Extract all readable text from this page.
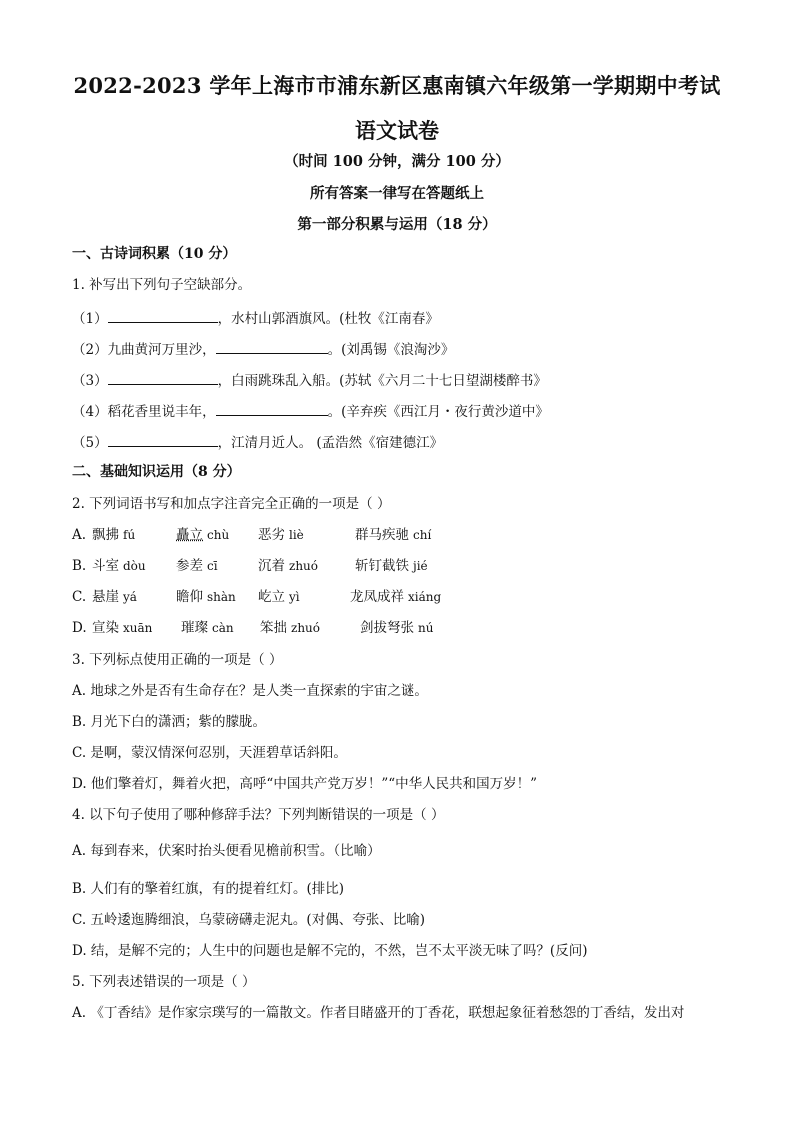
2022-2023 学年上海市市浦东新区惠南镇六年级第一学期期中考试
语文试卷
（时间 100 分钟，满分 100 分）
所有答案一律写在答题纸上
第一部分积累与运用（18 分）
一、古诗词积累（10 分）
1. 补写出下列句子空缺部分。
（1）	，水村山郭酒旗风。(杜牧《江南春》
（2）九曲黄河万里沙，	。(刘禹锡《浪淘沙》
（3）	，白雨跳珠乱入船。(苏轼《六月二十七日望湖楼醉书》
（4）稻花香里说丰年，	。(辛弃疾《西江月・夜行黄沙道中》
（5）	，江清月近人。 (孟浩然《宿建德江》
二、基础知识运用（8 分）
2. 下列词语书写和加点字注音完全正确的一项是（ ）
A. 飘拂 fú	矗立 chù 恶劣 liè	群马疾驰 chí
B. 斗室 dòu 参差 cī	沉着 zhuó	斩钉截铁 jié
C. 悬崖 yá	瞻仰 shàn 屹立 yì	龙凤成祥 xiáng
D. 宣染 xuān 璀璨 càn 笨拙 zhuó	剑拔弩张 nú
3. 下列标点使用正确的一项是（ ）
A. 地球之外是否有生命存在？是人类一直探索的宇宙之谜。
B. 月光下白的潇洒；紫的朦胧。
C. 是啊，蒙汉情深何忍别，天涯碧草话斜阳。
D. 他们擎着灯，舞着火把，高呼“中国共产党万岁！”“中华人民共和国万岁！”
4. 以下句子使用了哪种修辞手法？下列判断错误的一项是（ ）
A. 每到春来，伏案时抬头便看见檐前积雪。（比喻）
B. 人们有的擎着红旗，有的提着红灯。(排比)
C. 五岭逶迤腾细浪，乌蒙磅礴走泥丸。(对偶、夸张、比喻)
D. 结，是解不完的；人生中的问题也是解不完的，不然，岂不太平淡无味了吗？(反问)
5. 下列表述错误的一项是（ ）
A. 《丁香结》是作家宗璞写的一篇散文。作者目睹盛开的丁香花，联想起象征着愁怨的丁香结，发出对
